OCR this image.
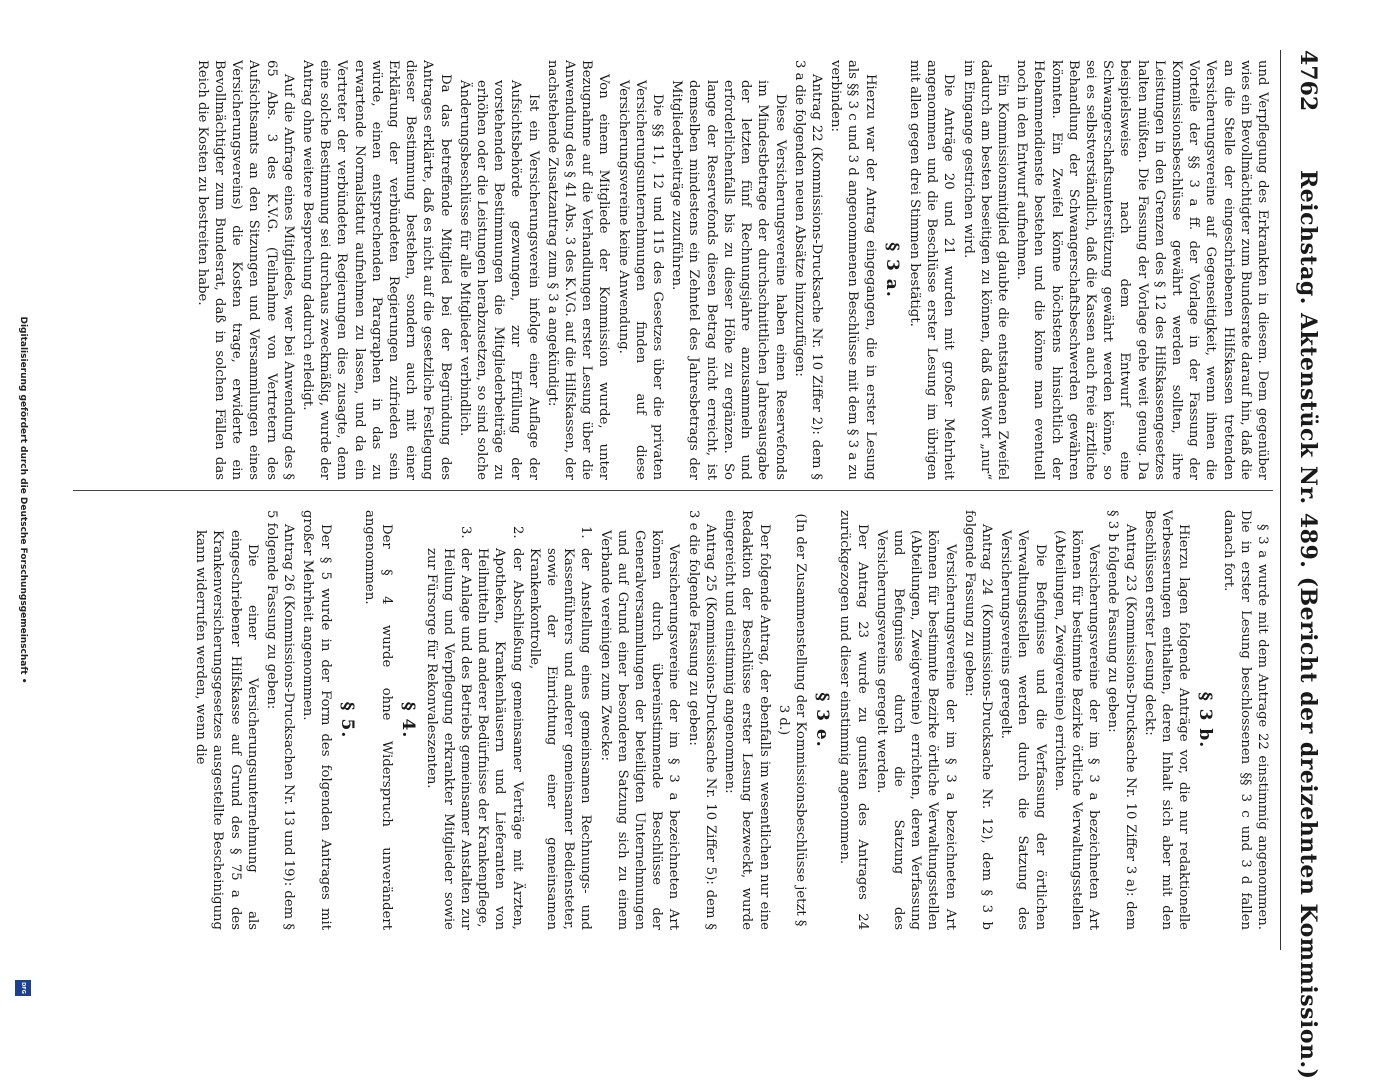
4762
Reichstag. Aktenstück Nr. 489. (Bericht der dreizehnten Kommission.)

und Verpflegung des Erkrankten in diesem. Dem gegenüber wies ein Bevollmächtigter zum Bundesrate darauf hin, daß die an die Stelle der eingeschriebenen Hilfskassen tretenden Versicherungsvereine auf Gegenseitigkeit, wenn ihnen die Vorteile der §§ 3 a ff. der Vorlage in der Fassung der Kommissionsbeschlüsse gewährt werden sollten, ihre Leistungen in den Grenzen des § 12 des Hilfskassengesetzes halten müßten. Die Fassung der Vorlage gehe weit genug. Da beispielsweise nach dem Entwurf eine Schwangerschaftsunterstützung gewährt werden könne, so sei es selbstverständlich, daß die Kassen auch freie ärztliche Behandlung der Schwangerschaftsbeschwerden gewähren könnten. Ein Zweifel könne höchstens hinsichtlich der Hebammendienste bestehen und die könne man eventuell noch in den Entwurf aufnehmen.

Ein Kommissionsmitglied glaubte die entstandenen Zweifel dadurch am besten beseitigen zu können, daß das Wort „nur“ im Eingange gestrichen wird.

Die Anträge 20 und 21 wurden mit großer Mehrheit angenommen und die Beschlüsse erster Lesung im übrigen mit allen gegen drei Stimmen bestätigt.

§ 3 a.

Hierzu war der Antrag eingegangen, die in erster Lesung als §§ 3 c und 3 d angenommenen Beschlüsse mit dem § 3 a zu verbinden:

Antrag 22 (Kommissions-Drucksache Nr. 10 Ziffer 2): dem § 3 a die folgenden neuen Absätze hinzuzufügen:

Diese Versicherungsvereine haben einen Reservefonds im Mindestbetrage der durchschnittlichen Jahresausgabe der letzten fünf Rechnungsjahre anzusammeln und erforderlichenfalls bis zu dieser Höhe zu ergänzen. So lange der Reservefonds diesen Betrag nicht erreicht, ist demselben mindestens ein Zehntel des Jahresbetrags der Mitgliederbeiträge zuzuführen.

Die §§ 11, 12 und 115 des Gesetzes über die privaten Versicherungsunternehmungen finden auf diese Versicherungsvereine keine Anwendung.

Von einem Mitgliede der Kommission wurde, unter Bezugnahme auf die Verhandlungen erster Lesung über die Anwendung des § 41 Abs. 3 des K.V.G. auf die Hilfskassen, der nachstehende Zusatzantrag zum § 3 a angekündigt:

Ist ein Versicherungsverein infolge einer Auflage der Aufsichtsbehörde gezwungen, zur Erfüllung der vorstehenden Bestimmungen die Mitgliederbeiträge zu erhöhen oder die Leistungen herabzusetzen, so sind solche Änderungsbeschlüsse für alle Mitglieder verbindlich.

Da das betreffende Mitglied bei der Begründung des Antrages erklärte, daß es nicht auf die gesetzliche Festlegung dieser Bestimmung bestehen, sondern auch mit einer Erklärung der verbündeten Regierungen zufrieden sein würde, einen entsprechenden Paragraphen in das zu erwartende Normalstatut aufnehmen zu lassen, und da ein Vertreter der verbündeten Regierungen dies zusagte, denn eine solche Bestimmung sei durchaus zweckmäßig, wurde der Antrag ohne weitere Besprechung dadurch erledigt.

Auf die Anfrage eines Mitgliedes, wer bei Anwendung des § 65 Abs. 3 des K.V.G. (Teilnahme von Vertretern des Aufsichtsamts an den Sitzungen und Versammlungen eines Versicherungsvereins) die Kosten trage, erwiderte ein Bevollmächtigter zum Bundesrat, daß in solchen Fällen das Reich die Kosten zu bestreiten habe.

§ 3 a wurde mit dem Antrage 22 einstimmig angenommen. Die in erster Lesung beschlossenen §§ 3 c und 3 d fallen danach fort.

§ 3 b.

Hierzu lagen folgende Anträge vor, die nur redaktionelle Verbesserungen enthalten, deren Inhalt sich aber mit den Beschlüssen erster Lesung deckt:

Antrag 23 (Kommissions-Drucksache Nr. 10 Ziffer 3 a): dem § 3 b folgende Fassung zu geben:

Versicherungsvereine der im § 3 a bezeichneten Art können für bestimmte Bezirke örtliche Verwaltungsstellen (Abteilungen, Zweigvereine) errichten.

Die Befugnisse und die Verfassung der örtlichen Verwaltungsstellen werden durch die Satzung des Versicherungsvereins geregelt.

Antrag 24 (Kommissions-Drucksache Nr. 12), dem § 3 b folgende Fassung zu geben:

Versicherungsvereine der im § 3 a bezeichneten Art können für bestimmte Bezirke örtliche Verwaltungsstellen (Abteilungen, Zweigvereine) errichten, deren Verfassung und Befugnisse durch die Satzung des Versicherungsvereins geregelt werden.

Der Antrag 23 wurde zu gunsten des Antrages 24 zurückgezogen und dieser einstimmig angenommen.

§ 3 e.

(In der Zusammenstellung der Kommissionsbeschlüsse jetzt § 3 d.)

Der folgende Antrag, der ebenfalls im wesentlichen nur eine Redaktion der Beschlüsse erster Lesung bezweckt, wurde eingereicht und einstimmig angenommen:

Antrag 25 (Kommissions-Drucksache Nr. 10 Ziffer 5): dem § 3 e die folgende Fassung zu geben:

Versicherungsvereine der im § 3 a bezeichneten Art können durch übereinstimmende Beschlüsse der Generalversammlungen der beteiligten Unternehmungen und auf Grund einer besonderen Satzung sich zu einem Verbande vereinigen zum Zwecke:

1.
der Anstellung eines gemeinsamen Rechnungs- und Kassenführers und anderer gemeinsamer Bediensteter, sowie der Einrichtung einer gemeinsamen Krankenkontrolle,
2.
der Abschließung gemeinsamer Verträge mit Ärzten, Apotheken, Krankenhäusern und Lieferanten von Heilmitteln und anderer Bedürfnisse der Krankenpflege,
3.
der Anlage und des Betriebs gemeinsamer Anstalten zur Heilung und Verpflegung erkrankter Mitglieder sowie zur Fürsorge für Rekonvaleszenten.
§ 4.

Der § 4 wurde ohne Widerspruch unverändert angenommen.

§ 5.

Der § 5 wurde in der Form des folgenden Antrages mit großer Mehrheit angenommen.

Antrag 26 (Kommissions-Drucksachen Nr. 13 und 19): dem § 5 folgende Fassung zu geben:

Die einer Versicherungsunternehmung als eingeschriebener Hilfskasse auf Grund des § 75 a des Krankenversicherungsgesetzes ausgestellte Bescheinigung kann widerrufen werden, wenn die

Digitalisierung gefördert durch die Deutsche Forschungsgemeinschaft •
DFG
